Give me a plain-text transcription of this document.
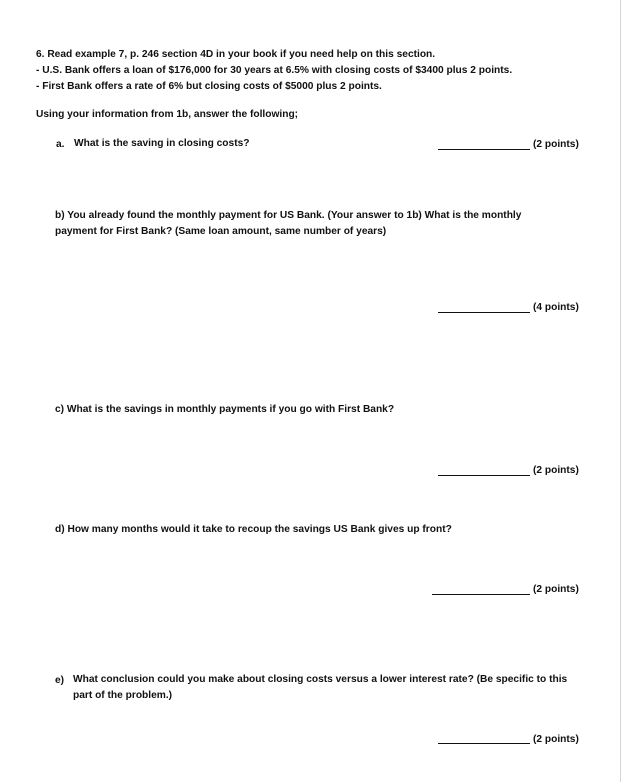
6. Read example 7, p. 246 section 4D in your book if you need help on this section.
- U.S. Bank offers a loan of $176,000 for 30 years at 6.5% with closing costs of $3400 plus 2 points.
- First Bank offers a rate of 6% but closing costs of $5000 plus 2 points.
Using your information from 1b, answer the following;
a. What is the saving in closing costs?	(2 points)
b) You already found the monthly payment for US Bank. (Your answer to 1b) What is the monthly payment for First Bank? (Same loan amount, same number of years)
(4 points)
c) What is the savings in monthly payments if you go with First Bank?
(2 points)
d) How many months would it take to recoup the savings US Bank gives up front?
(2 points)
e) What conclusion could you make about closing costs versus a lower interest rate? (Be specific to this part of the problem.)
(2 points)
